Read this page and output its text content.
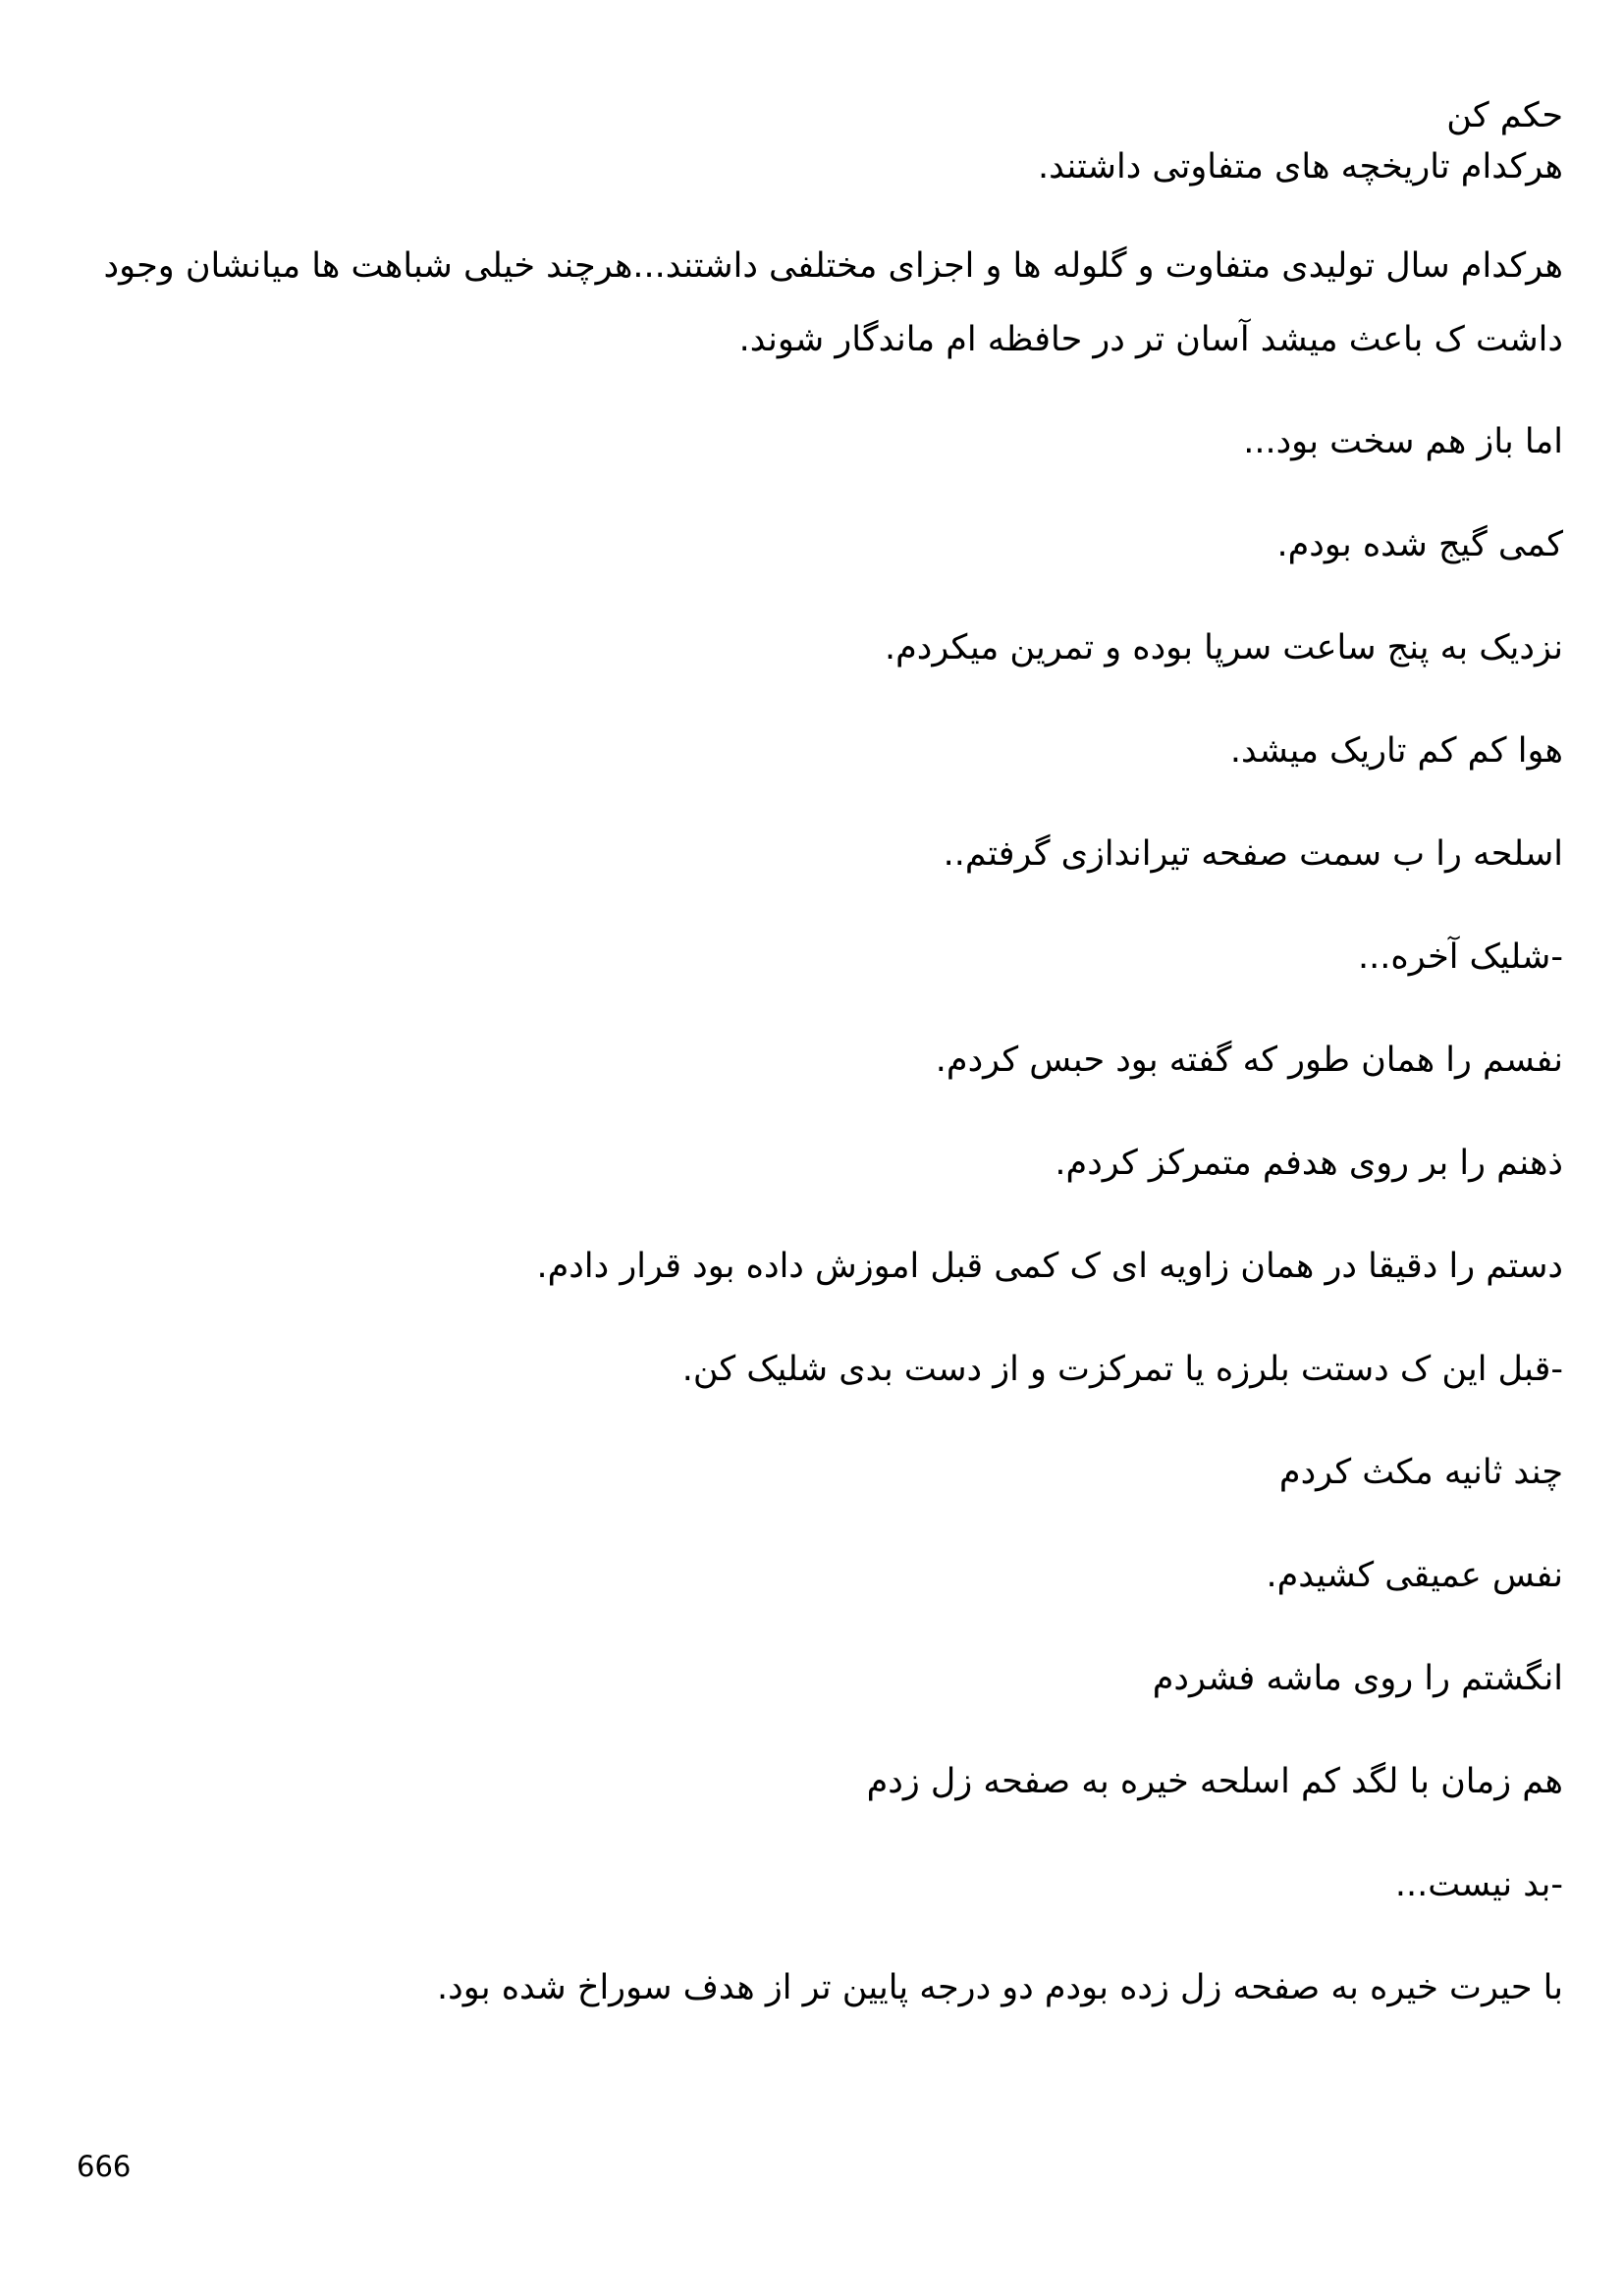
حکم کن

هرکدام تاریخچه های متفاوتی داشتند.

هرکدام سال تولیدی متفاوت و گلوله ها و اجزای مختلفی داشتند...هرچند خیلی شباهت ها میانشان وجود داشت ک باعث میشد آسان تر در حافظه ام ماندگار شوند.

اما باز هم سخت بود...

کمی گیج شده بودم.

نزدیک به پنج ساعت سرپا بوده و تمرین میکردم.

هوا کم کم تاریک میشد.

اسلحه را ب سمت صفحه تیراندازی گرفتم..

-شلیک آخره...

نفسم را همان طور که گفته بود حبس کردم.

ذهنم را بر روی هدفم متمرکز کردم.

دستم را دقیقا در همان زاویه ای ک کمی قبل اموزش داده بود قرار دادم.

-قبل این ک دستت بلرزه یا تمرکزت و از دست بدی شلیک کن.

چند ثانیه مکث کردم

نفس عمیقی کشیدم.

انگشتم را روی ماشه فشردم

هم زمان با لگد کم اسلحه خیره به صفحه زل زدم

-بد نیست...

با حیرت خیره به صفحه زل زده بودم دو درجه پایین تر از هدف سوراخ شده بود.

666
